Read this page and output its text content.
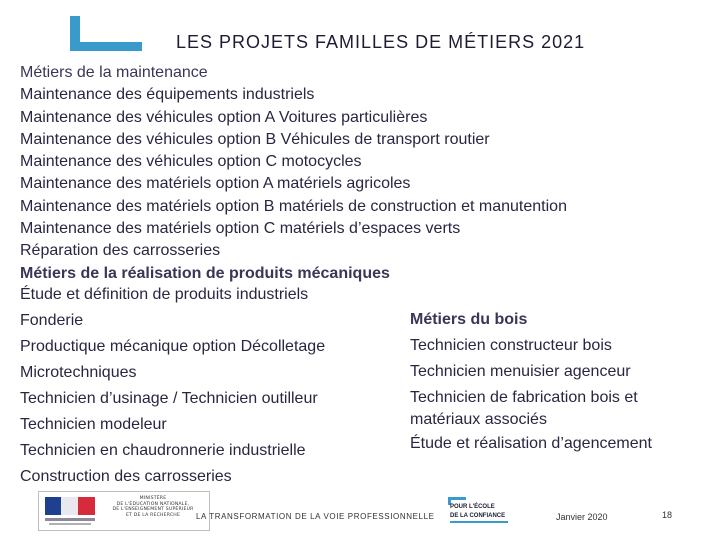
LES PROJETS FAMILLES DE MÉTIERS 2021
Métiers de la maintenance
Maintenance des équipements industriels
Maintenance des véhicules option A Voitures particulières
Maintenance des véhicules option B Véhicules de transport routier
Maintenance des véhicules option C motocycles
Maintenance des matériels option A matériels agricoles
Maintenance des matériels option B matériels de construction et manutention
Maintenance des matériels option C matériels d’espaces verts
Réparation des carrosseries
Métiers de la réalisation de produits mécaniques
Étude et définition de produits industriels
Fonderie
Productique mécanique option Décolletage
Microtechniques
Technicien d’usinage / Technicien outilleur
Technicien modeleur
Technicien en chaudronnerie industrielle
Construction des carrosseries
Métiers du bois
Technicien constructeur bois
Technicien menuisier agenceur
Technicien de fabrication bois et matériaux associés
Étude et réalisation d’agencement
MINISTÈRE
DE L'ÉDUCATION NATIONALE,
DE L'ENSEIGNEMENT SUPÉRIEUR
ET DE LA RECHERCHE	LA TRANSFORMATION DE LA VOIE PROFESSIONNELLE
POUR L'ÉCOLE
DE LA CONFIANCE	Janvier 2020	18
